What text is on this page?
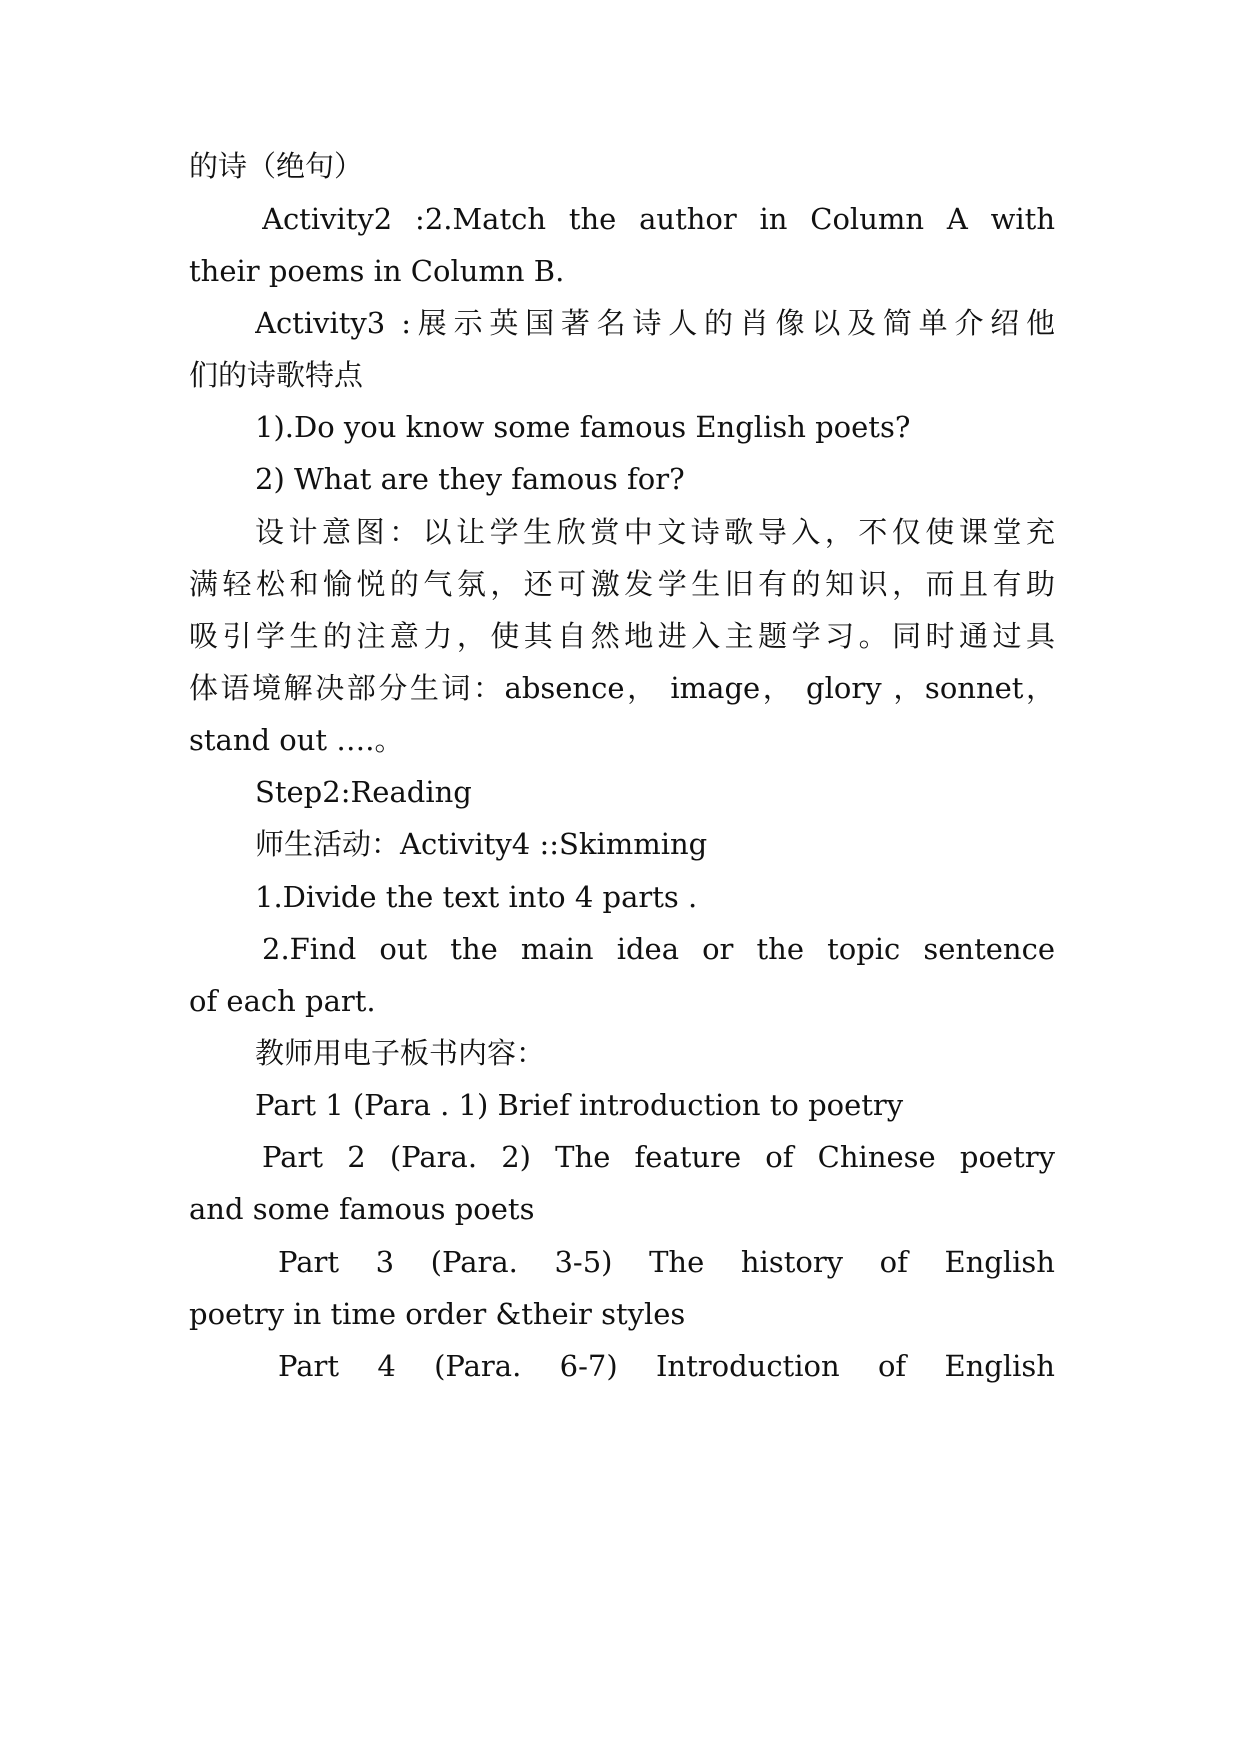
的诗（绝句）
Activity2 :2.Match the author in Column A with
their poems in Column B.
Activity3 :展示英国著名诗人的肖像以及简单介绍他
们的诗歌特点
1).Do you know some famous English poets?
2) What are they famous for?
设计意图：以让学生欣赏中文诗歌导入，不仅使课堂充
满轻松和愉悦的气氛，还可激发学生旧有的知识，而且有助
吸引学生的注意力，使其自然地进入主题学习。同时通过具
体语境解决部分生词：absence， image， glory ，sonnet，
stand out ….。
Step2:Reading
师生活动：Activity4 ::Skimming
1.Divide the text into 4 parts .
2.Find out the main idea or the topic sentence
of each part.
教师用电子板书内容：
Part 1 (Para . 1) Brief introduction to poetry
Part 2 (Para. 2) The feature of Chinese poetry
and some famous poets
Part 3 (Para. 3-5) The history of English
poetry in time order &their styles
Part 4 (Para. 6-7) Introduction of English
